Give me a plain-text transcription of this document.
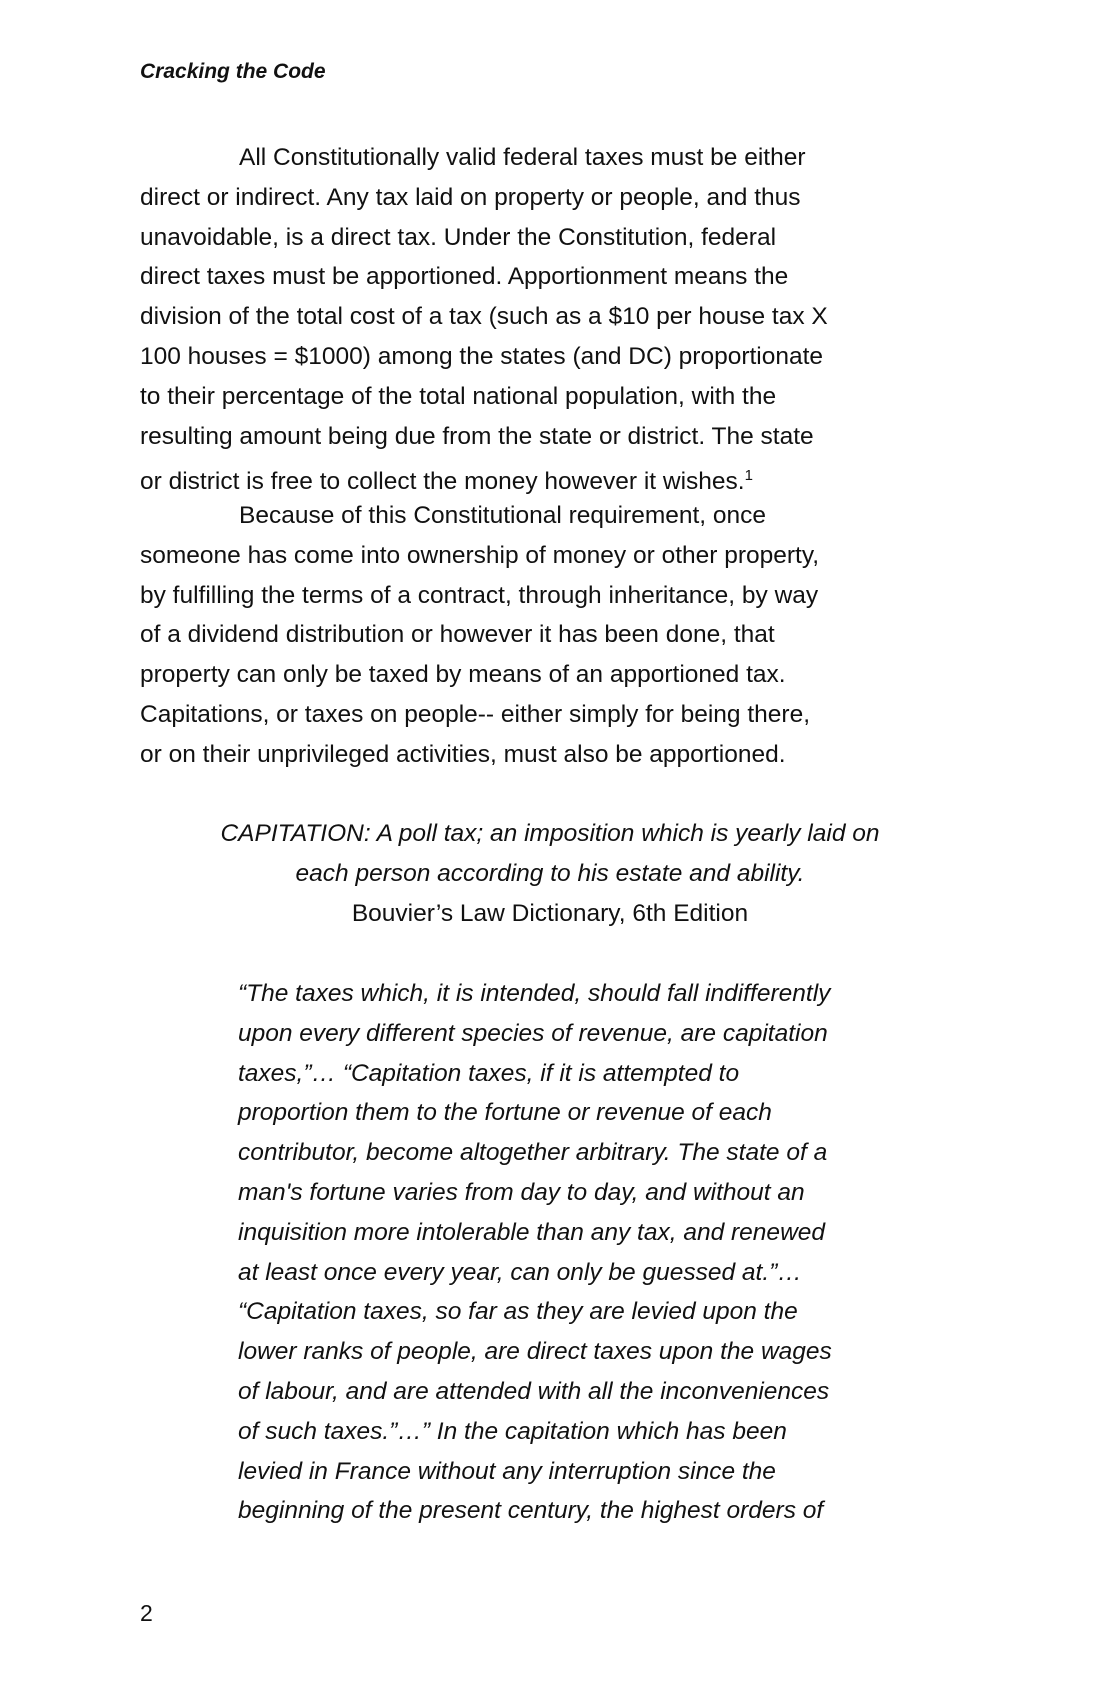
Cracking the Code
All Constitutionally valid federal taxes must be either
direct or indirect. Any tax laid on property or people, and thus
unavoidable, is a direct tax. Under the Constitution, federal
direct taxes must be apportioned. Apportionment means the
division of the total cost of a tax (such as a $10 per house tax X
100 houses = $1000) among the states (and DC) proportionate
to their percentage of the total national population, with the
resulting amount being due from the state or district. The state
or district is free to collect the money however it wishes.$^1$
Because of this Constitutional requirement, once
someone has come into ownership of money or other property,
by fulfilling the terms of a contract, through inheritance, by way
of a dividend distribution or however it has been done, that
property can only be taxed by means of an apportioned tax.
Capitations, or taxes on people-- either simply for being there,
or on their unprivileged activities, must also be apportioned.
CAPITATION: A poll tax; an imposition which is yearly laid on
each person according to his estate and ability.
Bouvier’s Law Dictionary, 6th Edition
“The taxes which, it is intended, should fall indifferently
upon every different species of revenue, are capitation
taxes,”… “Capitation taxes, if it is attempted to
proportion them to the fortune or revenue of each
contributor, become altogether arbitrary. The state of a
man's fortune varies from day to day, and without an
inquisition more intolerable than any tax, and renewed
at least once every year, can only be guessed at.”…
“Capitation taxes, so far as they are levied upon the
lower ranks of people, are direct taxes upon the wages
of labour, and are attended with all the inconveniences
of such taxes.”…” In the capitation which has been
levied in France without any interruption since the
beginning of the present century, the highest orders of
2
